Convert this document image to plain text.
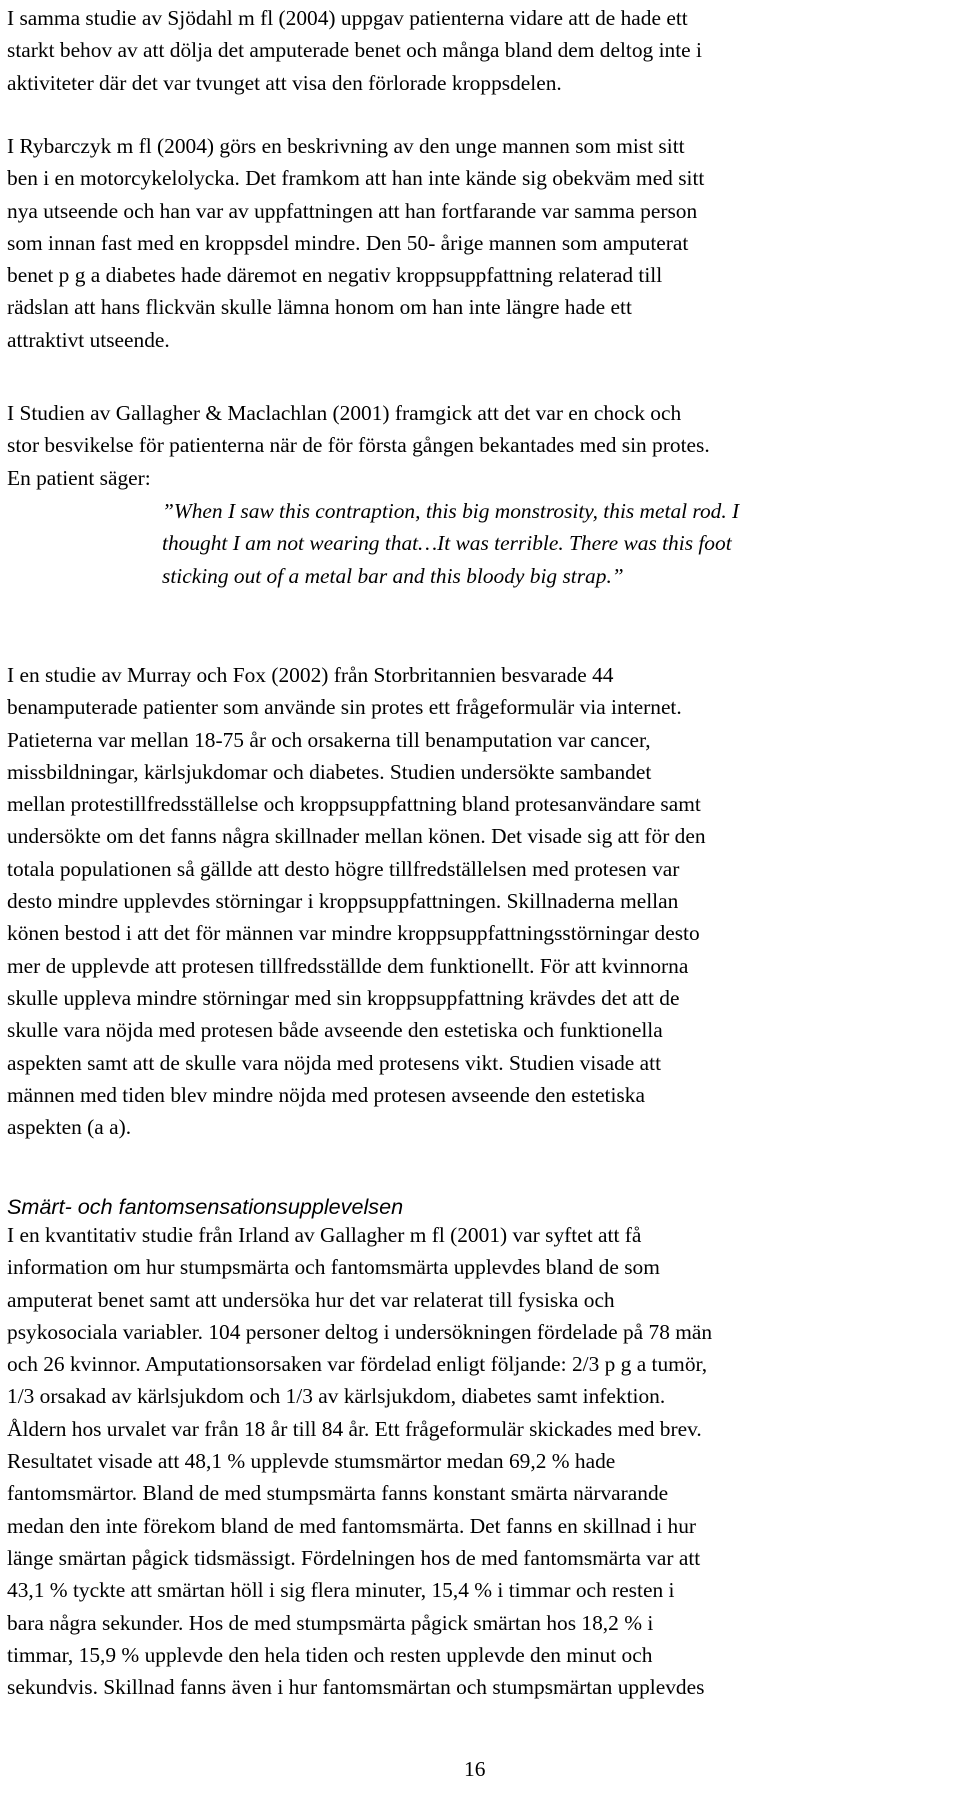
I samma studie av Sjödahl m fl (2004) uppgav patienterna vidare att de hade ett
starkt behov av att dölja det amputerade benet och många bland dem deltog inte i
aktiviteter där det var tvunget att visa den förlorade kroppsdelen.

I Rybarczyk m fl (2004) görs en beskrivning av den unge mannen som mist sitt
ben i en motorcykelolycka. Det framkom att han inte kände sig obekväm med sitt
nya utseende och han var av uppfattningen att han fortfarande var samma person
som innan fast med en kroppsdel mindre. Den 50- årige mannen som amputerat
benet p g a diabetes hade däremot en negativ kroppsuppfattning relaterad till
rädslan att hans flickvän skulle lämna honom om han inte längre hade ett
attraktivt utseende.

I Studien av Gallagher & Maclachlan (2001) framgick att det var en chock och
stor besvikelse för patienterna när de för första gången bekantades med sin protes.
En patient säger:

”When I saw this contraption, this big monstrosity, this metal rod. I
thought I am not wearing that…It was terrible. There was this foot
sticking out of a metal bar and this bloody big strap.”

I en studie av Murray och Fox (2002) från Storbritannien besvarade 44
benamputerade patienter som använde sin protes ett frågeformulär via internet.
Patieterna var mellan 18-75 år och orsakerna till benamputation var cancer,
missbildningar, kärlsjukdomar och diabetes. Studien undersökte sambandet
mellan protestillfredsställelse och kroppsuppfattning bland protesanvändare samt
undersökte om det fanns några skillnader mellan könen. Det visade sig att för den
totala populationen så gällde att desto högre tillfredställelsen med protesen var
desto mindre upplevdes störningar i kroppsuppfattningen. Skillnaderna mellan
könen bestod i att det för männen var mindre kroppsuppfattningsstörningar desto
mer de upplevde att protesen tillfredsställde dem funktionellt. För att kvinnorna
skulle uppleva mindre störningar med sin kroppsuppfattning krävdes det att de
skulle vara nöjda med protesen både avseende den estetiska och funktionella
aspekten samt att de skulle vara nöjda med protesens vikt. Studien visade att
männen med tiden blev mindre nöjda med protesen avseende den estetiska
aspekten (a a).

Smärt- och fantomsensationsupplevelsen

I en kvantitativ studie från Irland av Gallagher m fl (2001) var syftet att få
information om hur stumpsmärta och fantomsmärta upplevdes bland de som
amputerat benet samt att undersöka hur det var relaterat till fysiska och
psykosociala variabler. 104 personer deltog i undersökningen fördelade på 78 män
och 26 kvinnor. Amputationsorsaken var fördelad enligt följande: 2/3 p g a tumör,
1/3 orsakad av kärlsjukdom och 1/3 av kärlsjukdom, diabetes samt infektion.
Åldern hos urvalet var från 18 år till 84 år. Ett frågeformulär skickades med brev.
Resultatet visade att 48,1 % upplevde stumsmärtor medan 69,2 % hade
fantomsmärtor. Bland de med stumpsmärta fanns konstant smärta närvarande
medan den inte förekom bland de med fantomsmärta. Det fanns en skillnad i hur
länge smärtan pågick tidsmässigt. Fördelningen hos de med fantomsmärta var att
43,1 % tyckte att smärtan höll i sig flera minuter, 15,4 % i timmar och resten i
bara några sekunder. Hos de med stumpsmärta pågick smärtan hos 18,2 % i
timmar, 15,9 % upplevde den hela tiden och resten upplevde den minut och
sekundvis. Skillnad fanns även i hur fantomsmärtan och stumpsmärtan upplevdes

16
